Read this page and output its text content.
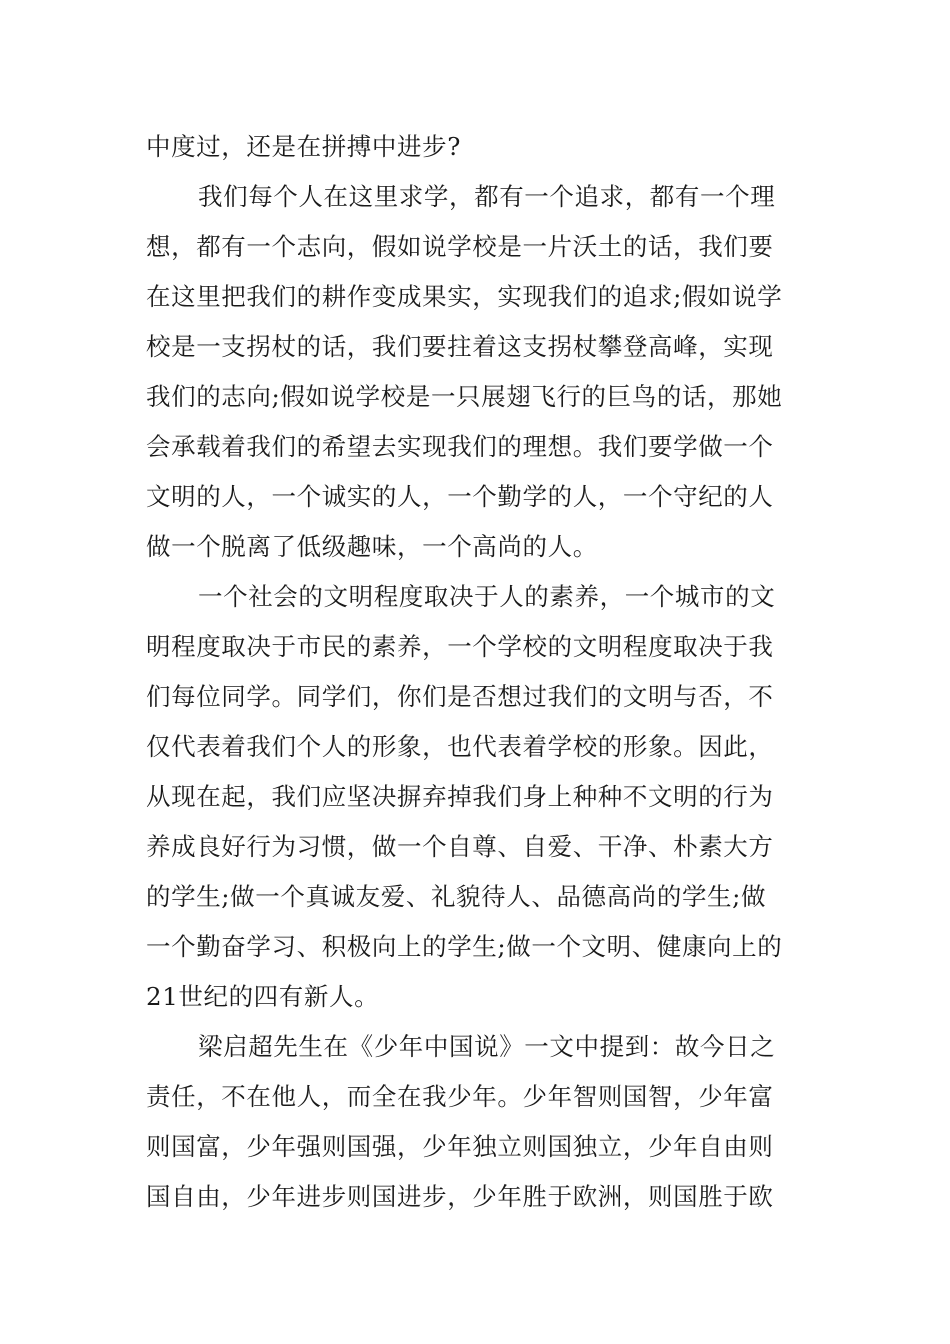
中度过，还是在拼搏中进步?
我们每个人在这里求学，都有一个追求，都有一个理
想，都有一个志向，假如说学校是一片沃土的话，我们要
在这里把我们的耕作变成果实，实现我们的追求;假如说学
校是一支拐杖的话，我们要拄着这支拐杖攀登高峰，实现
我们的志向;假如说学校是一只展翅飞行的巨鸟的话，那她
会承载着我们的希望去实现我们的理想。我们要学做一个
文明的人，一个诚实的人，一个勤学的人，一个守纪的人
做一个脱离了低级趣味，一个高尚的人。
一个社会的文明程度取决于人的素养，一个城市的文
明程度取决于市民的素养，一个学校的文明程度取决于我
们每位同学。同学们，你们是否想过我们的文明与否，不
仅代表着我们个人的形象，也代表着学校的形象。因此，
从现在起，我们应坚决摒弃掉我们身上种种不文明的行为
养成良好行为习惯，做一个自尊、自爱、干净、朴素大方
的学生;做一个真诚友爱、礼貌待人、品德高尚的学生;做
一个勤奋学习、积极向上的学生;做一个文明、健康向上的
21世纪的四有新人。
梁启超先生在《少年中国说》一文中提到：故今日之
责任，不在他人，而全在我少年。少年智则国智，少年富
则国富，少年强则国强，少年独立则国独立，少年自由则
国自由，少年进步则国进步，少年胜于欧洲，则国胜于欧
